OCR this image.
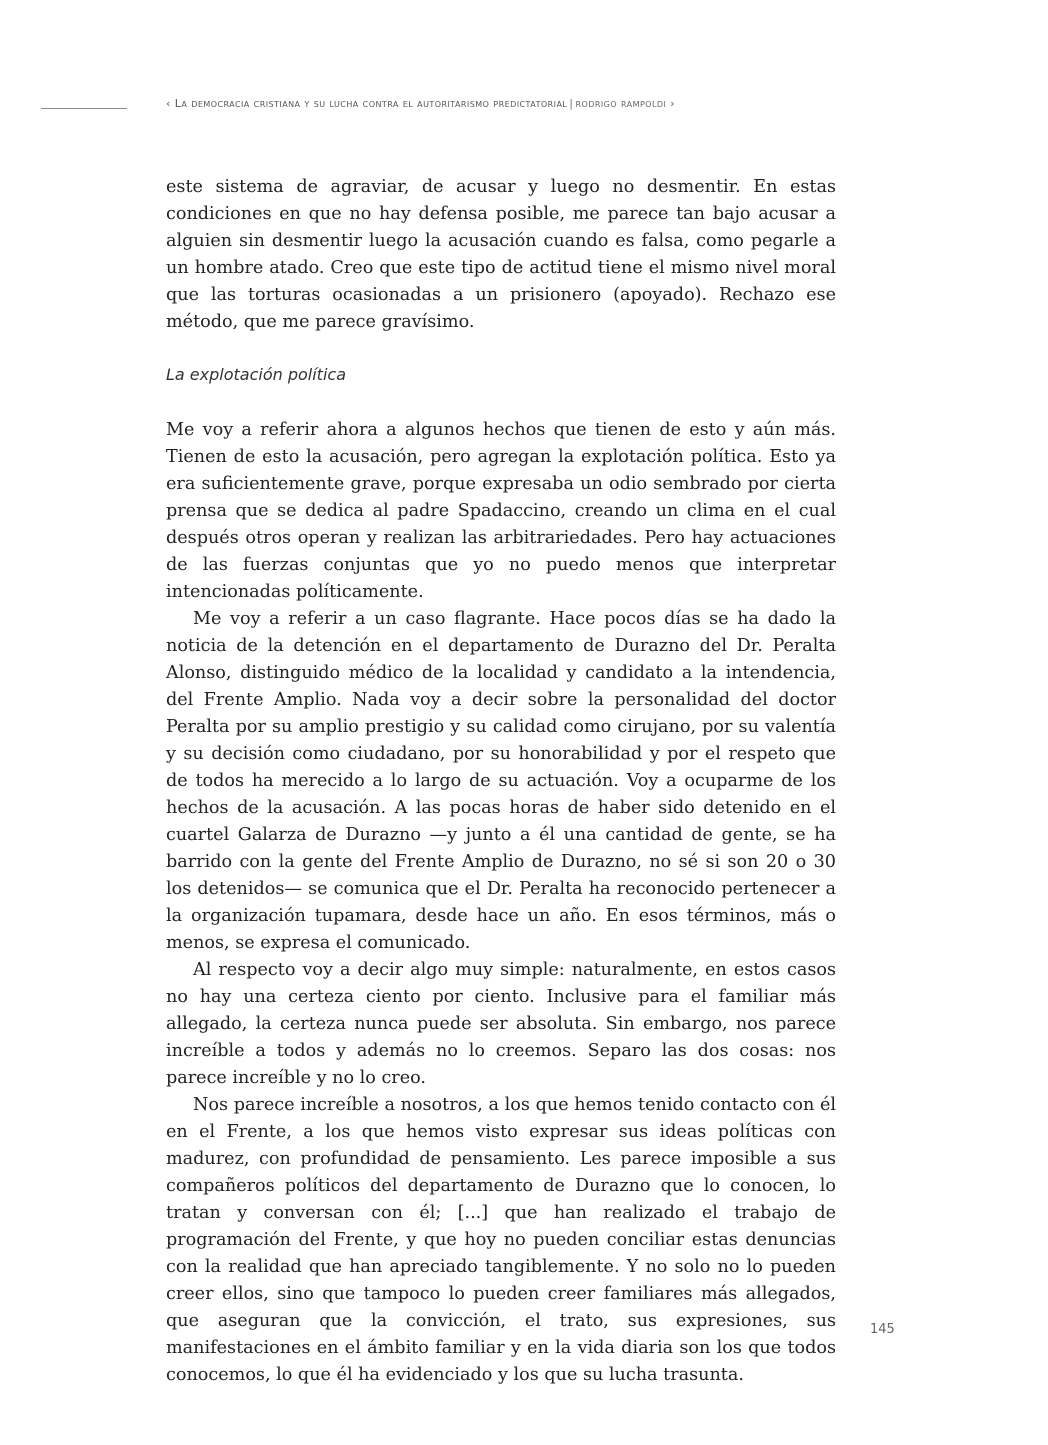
‹ La democracia cristiana y su lucha contra el autoritarismo predictatorial | rodrigo rampoldi ›

este sistema de agraviar, de acusar y luego no desmentir. En estas condiciones en que no hay defensa posible, me parece tan bajo acusar a alguien sin desmentir luego la acusación cuando es falsa, como pegarle a un hombre atado. Creo que este tipo de actitud tiene el mismo nivel moral que las torturas ocasionadas a un prisionero (apoyado). Rechazo ese método, que me parece gravísimo.

La explotación política

Me voy a referir ahora a algunos hechos que tienen de esto y aún más. Tienen de esto la acusación, pero agregan la explotación política. Esto ya era suficientemente grave, porque expresaba un odio sembrado por cierta prensa que se dedica al padre Spadaccino, creando un clima en el cual después otros operan y realizan las arbitrariedades. Pero hay actuaciones de las fuerzas conjuntas que yo no puedo menos que interpretar intencionadas políticamente.

Me voy a referir a un caso flagrante. Hace pocos días se ha dado la noticia de la detención en el departamento de Durazno del Dr. Peralta Alonso, distinguido médico de la localidad y candidato a la intendencia, del Frente Amplio. Nada voy a decir sobre la personalidad del doctor Peralta por su amplio prestigio y su calidad como cirujano, por su valentía y su decisión como ciudadano, por su honorabilidad y por el respeto que de todos ha merecido a lo largo de su actuación. Voy a ocuparme de los hechos de la acusación. A las pocas horas de haber sido detenido en el cuartel Galarza de Durazno —y junto a él una cantidad de gente, se ha barrido con la gente del Frente Amplio de Durazno, no sé si son 20 o 30 los detenidos— se comunica que el Dr. Peralta ha reconocido pertenecer a la organización tupamara, desde hace un año. En esos términos, más o menos, se expresa el comunicado.

Al respecto voy a decir algo muy simple: naturalmente, en estos casos no hay una certeza ciento por ciento. Inclusive para el familiar más allegado, la certeza nunca puede ser absoluta. Sin embargo, nos parece increíble a todos y además no lo creemos. Separo las dos cosas: nos parece increíble y no lo creo.

Nos parece increíble a nosotros, a los que hemos tenido contacto con él en el Frente, a los que hemos visto expresar sus ideas políticas con madurez, con profundidad de pensamiento. Les parece imposible a sus compañeros políticos del departamento de Durazno que lo conocen, lo tratan y conversan con él; [...] que han realizado el trabajo de programación del Frente, y que hoy no pueden conciliar estas denuncias con la realidad que han apreciado tangiblemente. Y no solo no lo pueden creer ellos, sino que tampoco lo pueden creer familiares más allegados, que aseguran que la convicción, el trato, sus expresiones, sus manifestaciones en el ámbito familiar y en la vida diaria son los que todos conocemos, lo que él ha evidenciado y los que su lucha trasunta.

145
